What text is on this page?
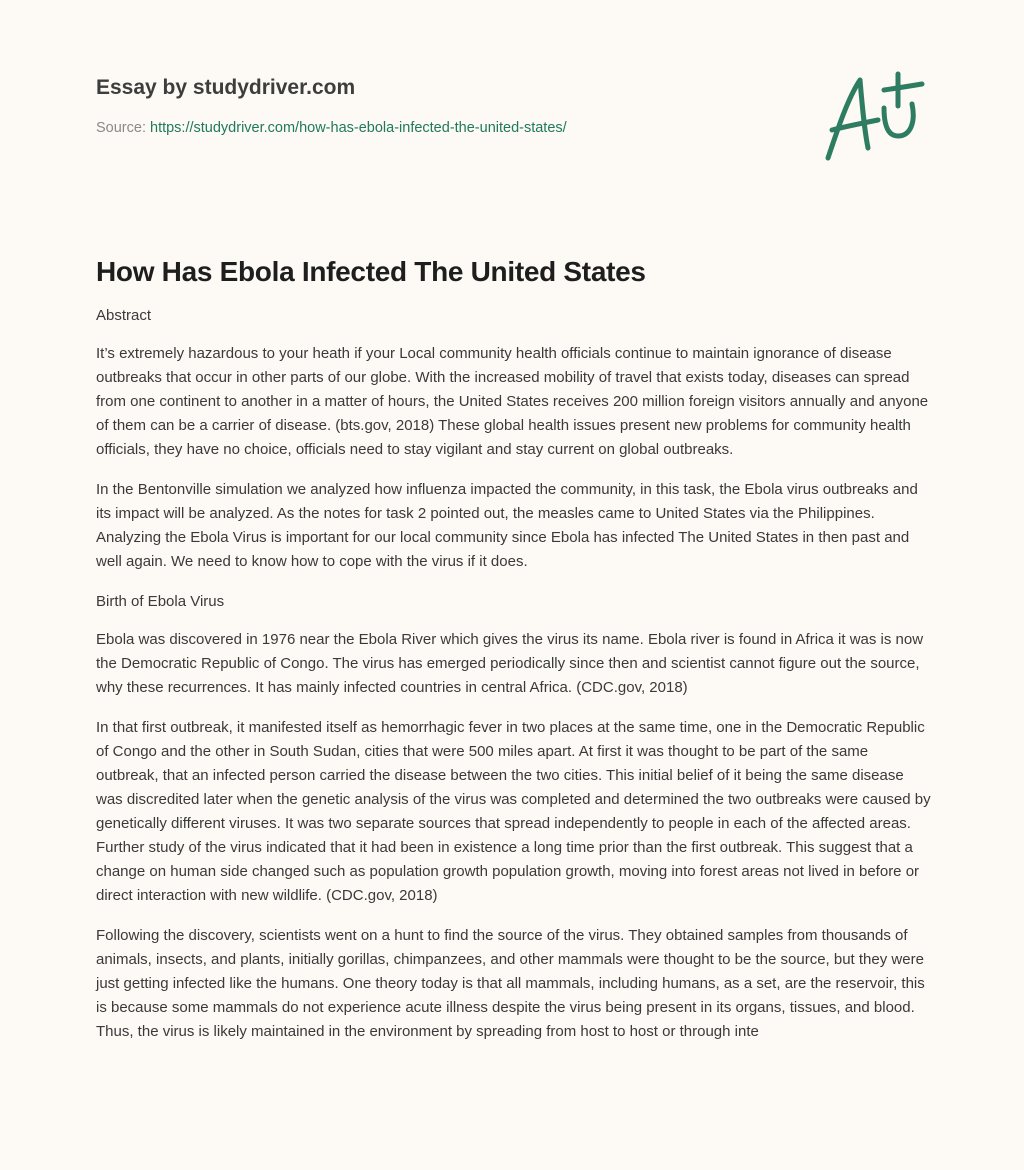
Essay by studydriver.com

Source: https://studydriver.com/how-has-ebola-infected-the-united-states/
How Has Ebola Infected The United States

Abstract

It’s extremely hazardous to your heath if your Local community health officials continue to maintain ignorance of disease outbreaks that occur in other parts of our globe. With the increased mobility of travel that exists today, diseases can spread from one continent to another in a matter of hours, the United States receives 200 million foreign visitors annually and anyone of them can be a carrier of disease. (bts.gov, 2018) These global health issues present new problems for community health officials, they have no choice, officials need to stay vigilant and stay current on global outbreaks.

In the Bentonville simulation we analyzed how influenza impacted the community, in this task, the Ebola virus outbreaks and its impact will be analyzed. As the notes for task 2 pointed out, the measles came to United States via the Philippines. Analyzing the Ebola Virus is important for our local community since Ebola has infected The United States in then past and well again. We need to know how to cope with the virus if it does.

Birth of Ebola Virus

Ebola was discovered in 1976 near the Ebola River which gives the virus its name. Ebola river is found in Africa it was is now the Democratic Republic of Congo. The virus has emerged periodically since then and scientist cannot figure out the source, why these recurrences. It has mainly infected countries in central Africa. (CDC.gov, 2018)

In that first outbreak, it manifested itself as hemorrhagic fever in two places at the same time, one in the Democratic Republic of Congo and the other in South Sudan, cities that were 500 miles apart. At first it was thought to be part of the same outbreak, that an infected person carried the disease between the two cities. This initial belief of it being the same disease was discredited later when the genetic analysis of the virus was completed and determined the two outbreaks were caused by genetically different viruses. It was two separate sources that spread independently to people in each of the affected areas. Further study of the virus indicated that it had been in existence a long time prior than the first outbreak. This suggest that a change on human side changed such as population growth population growth, moving into forest areas not lived in before or direct interaction with new wildlife. (CDC.gov, 2018)

Following the discovery, scientists went on a hunt to find the source of the virus. They obtained samples from thousands of animals, insects, and plants, initially gorillas, chimpanzees, and other mammals were thought to be the source, but they were just getting infected like the humans. One theory today is that all mammals, including humans, as a set, are the reservoir, this is because some mammals do not experience acute illness despite the virus being present in its organs, tissues, and blood. Thus, the virus is likely maintained in the environment by spreading from host to host or through inte
